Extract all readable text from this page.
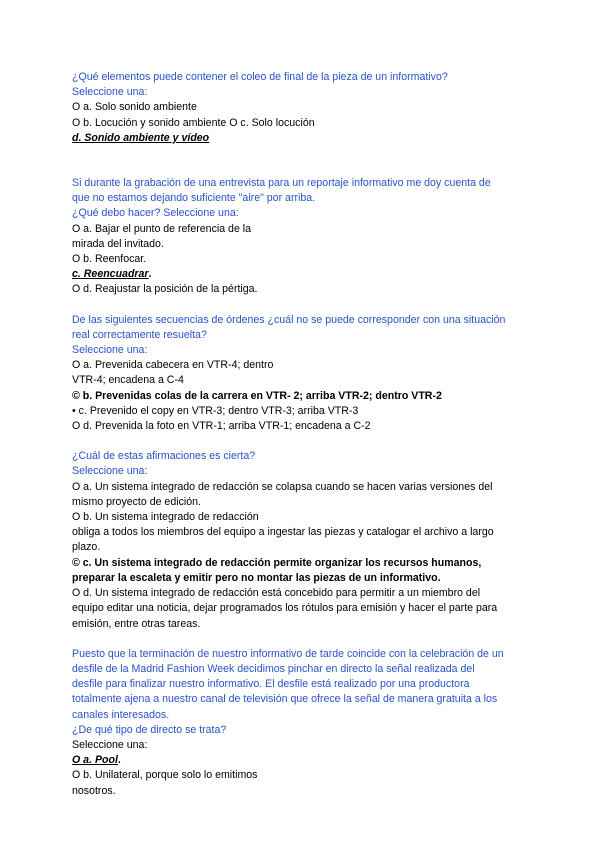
¿Qué elementos puede contener el coleo de final de la pieza de un informativo?

Seleccione una:

O a. Solo sonido ambiente

O b. Locución y sonido ambiente O c. Solo locución

d. Sonido ambiente y vídeo

Si durante la grabación de una entrevista para un reportaje informativo me doy cuenta de

que no estamos dejando suficiente "aire" por arriba.

¿Qué debo hacer? Seleccione una:

O a. Bajar el punto de referencia de la

mirada del invitado.

O b. Reenfocar.

c. Reencuadrar.

O d. Reajustar la posición de la pértiga.

De las siguientes secuencias de órdenes ¿cuál no se puede corresponder con una situación

real correctamente resuelta?

Seleccione una:

O a. Prevenida cabecera en VTR-4; dentro

VTR-4; encadena a C-4

© b. Prevenidas colas de la carrera en VTR- 2; arriba VTR-2; dentro VTR-2

• c. Prevenido el copy en VTR-3; dentro VTR-3; arriba VTR-3

O d. Prevenida la foto en VTR-1; arriba VTR-1; encadena a C-2

¿Cuál de estas afirmaciones es cierta?

Seleccione una:

O a. Un sistema integrado de redacción se colapsa cuando se hacen varias versiones del

mismo proyecto de edición.

O b. Un sistema integrado de redacción

obliga a todos los miembros del equipo a ingestar las piezas y catalogar el archivo a largo

plazo.

© c. Un sistema integrado de redacción permite organizar los recursos humanos,

preparar la escaleta y emitir pero no montar las piezas de un informativo.

O d. Un sistema integrado de redacción está concebido para permitir a un miembro del

equipo editar una noticia, dejar programados los rótulos para emisión y hacer el parte para

emisión, entre otras tareas.

Puesto que la terminación de nuestro informativo de tarde coincide con la celebración de un

desfile de la Madrid Fashion Week decidimos pinchar en directo la señal realizada del

desfile para finalizar nuestro informativo. El desfile está realizado por una productora

totalmente ajena a nuestro canal de televisión que ofrece la señal de manera gratuita a los

canales interesados.

¿De qué tipo de directo se trata?

Seleccione una:

O a. Pool.

O b. Unilateral, porque solo lo emitimos

nosotros.
